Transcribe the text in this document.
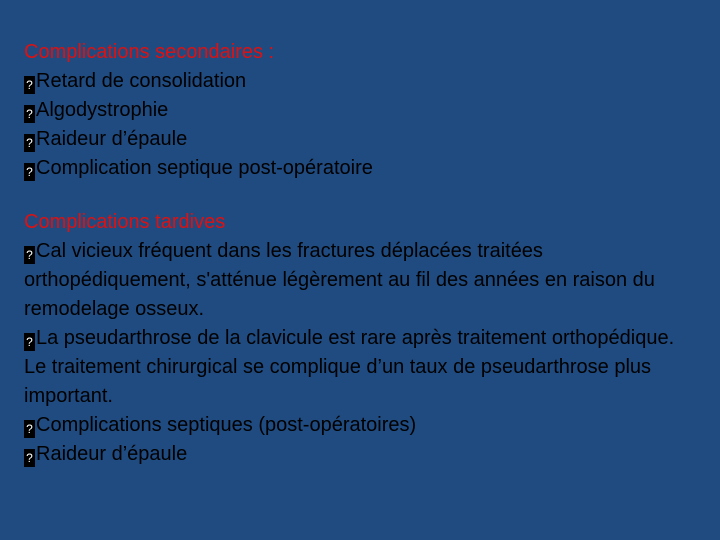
Complications secondaires :
? Retard de consolidation
? Algodystrophie
? Raideur d’épaule
? Complication septique post-opératoire
Complications tardives
? Cal vicieux fréquent dans les fractures déplacées traitées orthopédiquement, s'atténue légèrement au fil des années en raison du remodelage osseux.
? La pseudarthrose de la clavicule est rare après traitement orthopédique.
Le traitement chirurgical se complique d’un taux de pseudarthrose plus important.
? Complications septiques (post-opératoires)
? Raideur d’épaule
